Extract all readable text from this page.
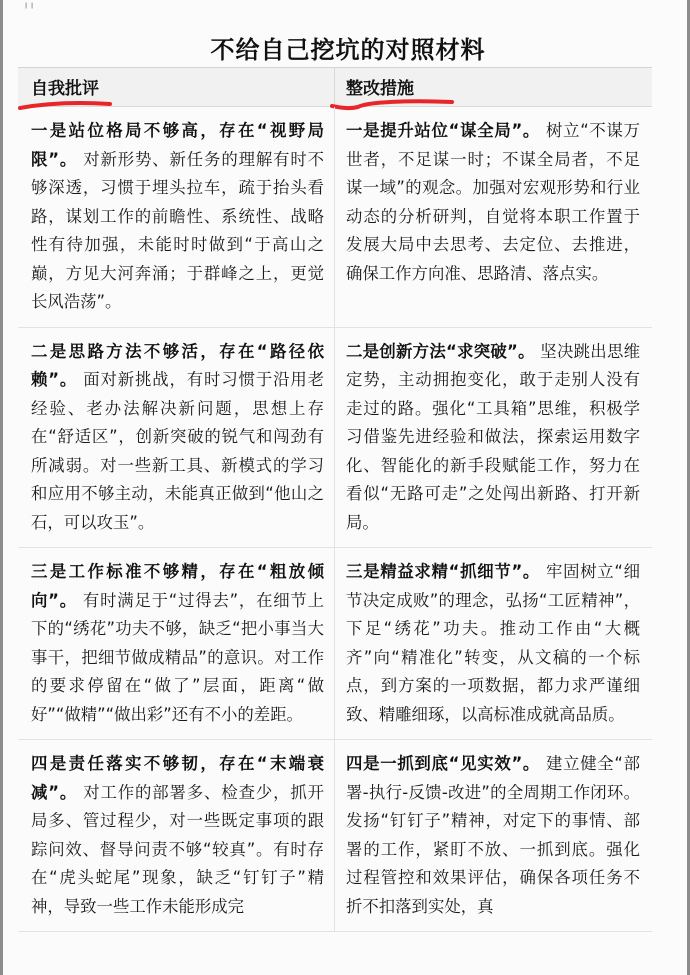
╷╷
不给自己挖坑的对照材料
自我批评	整改措施
一是站位格局不够高，存在“视野局限”。 对新形势、新任务的理解有时不够深透，习惯于埋头拉车，疏于抬头看路，谋划工作的前瞻性、系统性、战略性有待加强，未能时时做到“于高山之巅，方见大河奔涌；于群峰之上，更觉长风浩荡”。
一是提升站位“谋全局”。 树立“不谋万世者，不足谋一时；不谋全局者，不足谋一域”的观念。加强对宏观形势和行业动态的分析研判，自觉将本职工作置于发展大局中去思考、去定位、去推进，确保工作方向准、思路清、落点实。
二是思路方法不够活，存在“路径依赖”。 面对新挑战，有时习惯于沿用老经验、老办法解决新问题，思想上存在“舒适区”，创新突破的锐气和闯劲有所减弱。对一些新工具、新模式的学习和应用不够主动，未能真正做到“他山之石，可以攻玉”。
二是创新方法“求突破”。 坚决跳出思维定势，主动拥抱变化，敢于走别人没有走过的路。强化“工具箱”思维，积极学习借鉴先进经验和做法，探索运用数字化、智能化的新手段赋能工作，努力在看似“无路可走”之处闯出新路、打开新局。
三是工作标准不够精，存在“粗放倾向”。 有时满足于“过得去”，在细节上下的“绣花”功夫不够，缺乏“把小事当大事干，把细节做成精品”的意识。对工作的要求停留在“做了”层面，距离“做好”“做精”“做出彩”还有不小的差距。
三是精益求精“抓细节”。 牢固树立“细节决定成败”的理念，弘扬“工匠精神”，下足“绣花”功夫。推动工作由“大概齐”向“精准化”转变，从文稿的一个标点，到方案的一项数据，都力求严谨细致、精雕细琢，以高标准成就高品质。
四是责任落实不够韧，存在“末端衰减”。 对工作的部署多、检查少，抓开局多、管过程少，对一些既定事项的跟踪问效、督导问责不够“较真”。有时存在“虎头蛇尾”现象，缺乏“钉钉子”精神，导致一些工作未能形成完
四是一抓到底“见实效”。 建立健全“部署-执行-反馈-改进”的全周期工作闭环。发扬“钉钉子”精神，对定下的事情、部署的工作，紧盯不放、一抓到底。强化过程管控和效果评估，确保各项任务不折不扣落到实处，真
